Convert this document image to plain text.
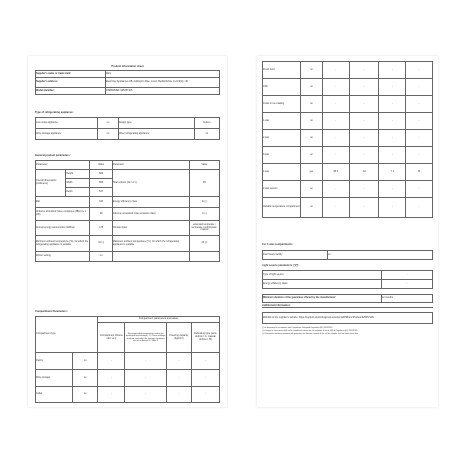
Product information sheet
Supplier's name or trade mark:	AEG
Supplier's address:	Electrolux Appliances AB, Addington Rise, Luton, Bedfordshire, LU4 9QQ, UK
Model identifier:	OSB6N83EF 925057105
Type of refrigerating appliance:
Low-noise appliance:	no	Design type:	built-in
Wine storage appliance:	no	Other refrigerating appliance:	no
General product parameters:
Parameter		Value	Parameter	Value
Overall dimensions (millimetre)	Height	820	Total volume (dm³ or l)	95
	Width	596		
	Depth	547		
EEI		100	Energy efficiency class	E (¹)
Airborne acoustical noise emissions (dB(A) re 1 pW)		38	Airborne acoustical noise emission class	C (¹)
Annual energy consumption (kWh/a)		178	Climate class:	extended temperate / temperate / subtropical / tropical
Minimum ambient temperature (°C), for which the refrigerating appliance is suitable		10 (¹)	Maximum ambient temperature (°C), for which the refrigerating appliance is suitable	43 (¹)
Winter setting		no		
Compartment Parameters:
Compartment type		Compartment parameters and values			
		Compartment Volume (dm³ or l)	Recommended temperature setting for optimised food storage (°C) These settings shall not contradict the storage conditions set out in Annex IV, Table 3	Freezing capacity (kg/24 h)	Defrosting type (auto-defrost = A, manual defrost = M)
Pantry	no	-	-	-	-
Wine storage	no	-	-	-	-
Cellar	no	-	-	-	-
Fresh food	no	-	-	-	-
Chill	no	-	-	-	-
0-star or ice-making	no	-	-	-	-
1-star	no	-	-	-	-
2-star	no	-	-	-	-
3-star	no	-	-	-	-
4-star	yes	95.0	-18	7.1	M
2-star section	no	-	-	-	-
Variable temperature compartment	no	-	-	-	-
For 4-star compartments
Fast freeze facility	no
Light source parameters (¹)(²):
Type of light source:	-
Energy efficiency class:	-
Minimum duration of the guarantee offered by the manufacturer:	12 months
Additional information:
Weblink to the supplier's website: https://support.electroluxgroup.eu/external/PRItem/Product/925057105
(¹) as determined in accordance with Commission Delegated Regulation (EU) 2019/2016
(²) changes to these items shall not be considered relevant for the purposes of article 4(4) of Regulation (EU) 2017/1369
(³) if the product database automatically generates the definitive content of this cell the supplier shall not enter these data
